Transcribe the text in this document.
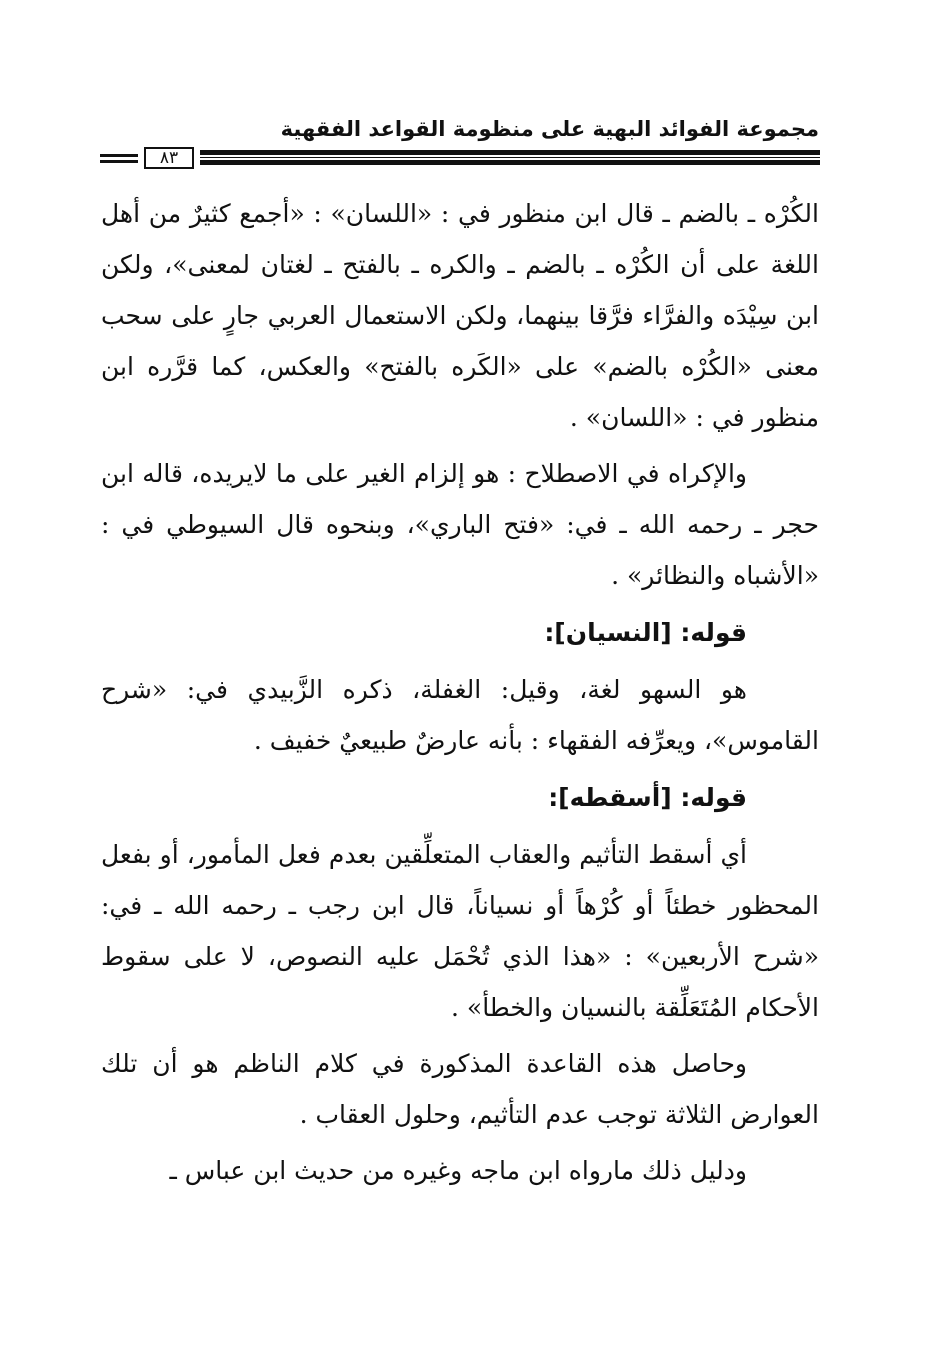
مجموعة الفوائد البهية على منظومة القواعد الفقهية
٨٣

الكُرْه ـ بالضم ـ قال ابن منظور في : «اللسان» : «أجمع كثيرٌ من أهل اللغة على أن الكُرْه ـ بالضم ـ والكره ـ بالفتح ـ لغتان لمعنى»، ولكن ابن سِيْدَه والفرَّاء فرَّقا بينهما، ولكن الاستعمال العربي جارٍ على سحب معنى «الكُرْه بالضم» على «الكَره بالفتح» والعكس، كما قرَّره ابن منظور في : «اللسان» .

والإكراه في الاصطلاح : هو إلزام الغير على ما لايريده، قاله ابن حجر ـ رحمه الله ـ في: «فتح الباري»، وبنحوه قال السيوطي في : «الأشباه والنظائر» .

قوله: [النسيان]:

هو السهو لغة، وقيل: الغفلة، ذكره الزَّبيدي في: «شرح القاموس»، ويعرِّفه الفقهاء : بأنه عارضٌ طبيعيٌ خفيف .

قوله: [أسقطه]:

أي أسقط التأثيم والعقاب المتعلِّقين بعدم فعل المأمور، أو بفعل المحظور خطئاً أو كُرْهاً أو نسياناً، قال ابن رجب ـ رحمه الله ـ في: «شرح الأربعين» : «هذا الذي تُحْمَل عليه النصوص، لا على سقوط الأحكام المُتَعَلِّقة بالنسيان والخطأ» .

وحاصل هذه القاعدة المذكورة في كلام الناظم هو أن تلك العوارض الثلاثة توجب عدم التأثيم، وحلول العقاب .

ودليل ذلك مارواه ابن ماجه وغيره من حديث ابن عباس ـ
